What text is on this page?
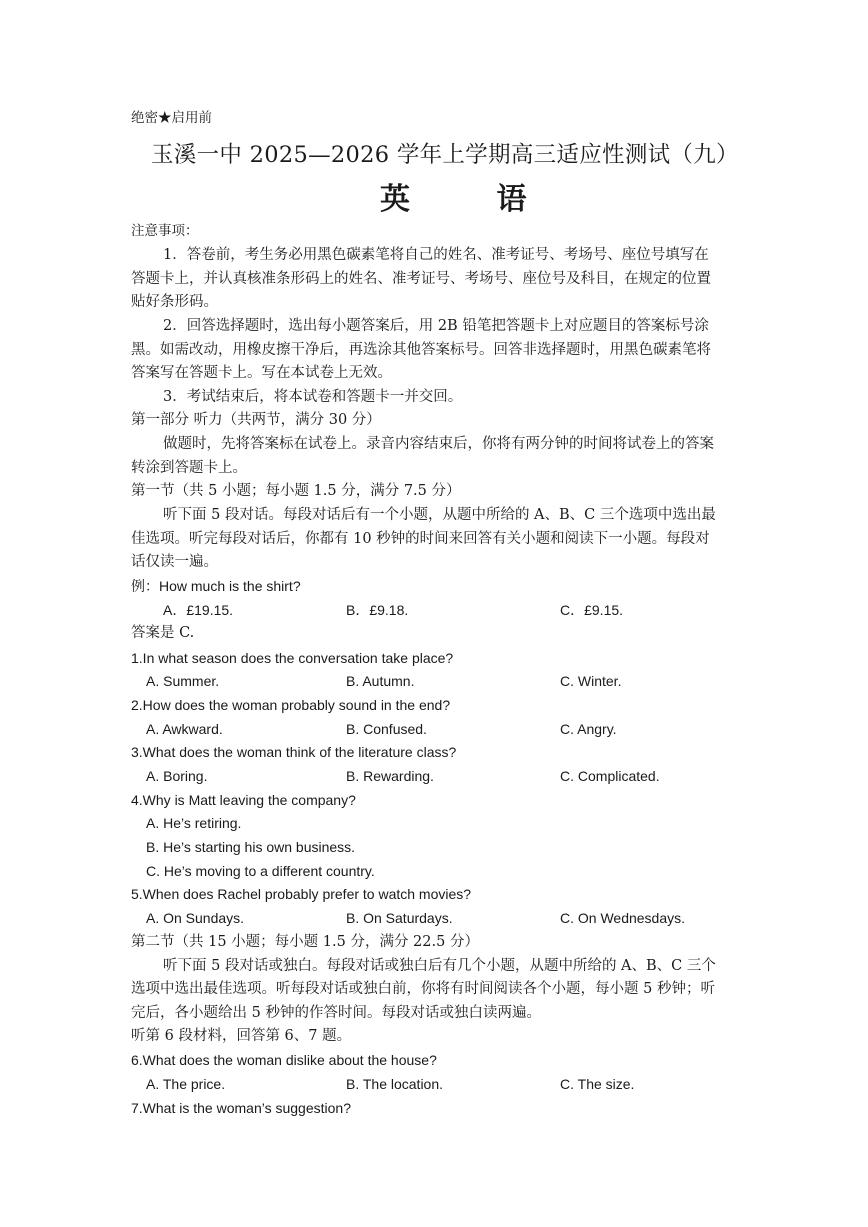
绝密★启用前
玉溪一中 2025—2026 学年上学期高三适应性测试（九）
英 语
注意事项：
1．答卷前，考生务必用黑色碳素笔将自己的姓名、准考证号、考场号、座位号填写在
答题卡上，并认真核准条形码上的姓名、准考证号、考场号、座位号及科目，在规定的位置
贴好条形码。
2．回答选择题时，选出每小题答案后，用 2B 铅笔把答题卡上对应题目的答案标号涂
黑。如需改动，用橡皮擦干净后，再选涂其他答案标号。回答非选择题时，用黑色碳素笔将
答案写在答题卡上。写在本试卷上无效。
3．考试结束后，将本试卷和答题卡一并交回。
第一部分 听力（共两节，满分 30 分）
做题时，先将答案标在试卷上。录音内容结束后，你将有两分钟的时间将试卷上的答案
转涂到答题卡上。
第一节（共 5 小题；每小题 1.5 分，满分 7.5 分）
听下面 5 段对话。每段对话后有一个小题，从题中所给的 A、B、C 三个选项中选出最
佳选项。听完每段对话后，你都有 10 秒钟的时间来回答有关小题和阅读下一小题。每段对
话仅读一遍。
例：How much is the shirt?
A．£19.15.	B．£9.18.	C．£9.15.
答案是 C.
1.In what season does the conversation take place?
A. Summer.	B. Autumn.	C. Winter.
2.How does the woman probably sound in the end?
A. Awkward.	B. Confused.	C. Angry.
3.What does the woman think of the literature class?
A. Boring.	B. Rewarding.	C. Complicated.
4.Why is Matt leaving the company?
A. He’s retiring.
B. He’s starting his own business.
C. He’s moving to a different country.
5.When does Rachel probably prefer to watch movies?
A. On Sundays.	B. On Saturdays.	C. On Wednesdays.
第二节（共 15 小题；每小题 1.5 分，满分 22.5 分）
听下面 5 段对话或独白。每段对话或独白后有几个小题，从题中所给的 A、B、C 三个
选项中选出最佳选项。听每段对话或独白前，你将有时间阅读各个小题，每小题 5 秒钟；听
完后，各小题给出 5 秒钟的作答时间。每段对话或独白读两遍。
听第 6 段材料，回答第 6、7 题。
6.What does the woman dislike about the house?
A. The price.	B. The location.	C. The size.
7.What is the woman’s suggestion?
